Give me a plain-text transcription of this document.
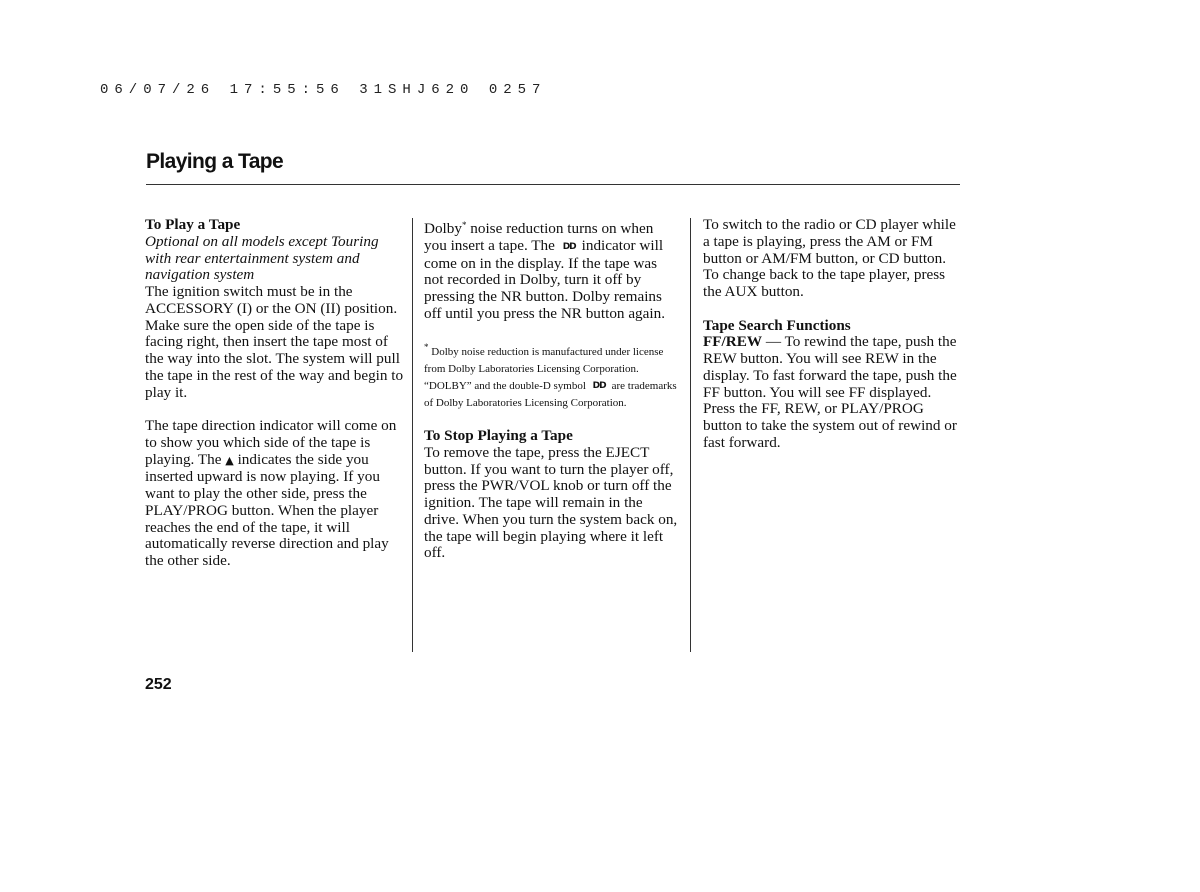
06/07/26 17:55:56 31SHJ620 0257
Playing a Tape

To Play a Tape

Optional on all models except Touring with rear entertainment system and navigation system

The ignition switch must be in the ACCESSORY (I) or the ON (II) position. Make sure the open side of the tape is facing right, then insert the tape most of the way into the slot. The system will pull the tape in the rest of the way and begin to play it.

The tape direction indicator will come on to show you which side of the tape is playing. The ▲ indicates the side you inserted upward is now playing. If you want to play the other side, press the PLAY/PROG button. When the player reaches the end of the tape, it will automatically reverse direction and play the other side.

Dolby* noise reduction turns on when you insert a tape. The DD indicator will come on in the display. If the tape was not recorded in Dolby, turn it off by pressing the NR button. Dolby remains off until you press the NR button again.

* Dolby noise reduction is manufactured under license from Dolby Laboratories Licensing Corporation. “DOLBY” and the double-D symbol DD are trademarks of Dolby Laboratories Licensing Corporation.

To Stop Playing a Tape

To remove the tape, press the EJECT button. If you want to turn the player off, press the PWR/VOL knob or turn off the ignition. The tape will remain in the drive. When you turn the system back on, the tape will begin playing where it left off.

To switch to the radio or CD player while a tape is playing, press the AM or FM button or AM/FM button, or CD button. To change back to the tape player, press the AUX button.

Tape Search Functions

FF/REW — To rewind the tape, push the REW button. You will see REW in the display. To fast forward the tape, push the FF button. You will see FF displayed. Press the FF, REW, or PLAY/PROG button to take the system out of rewind or fast forward.

252
